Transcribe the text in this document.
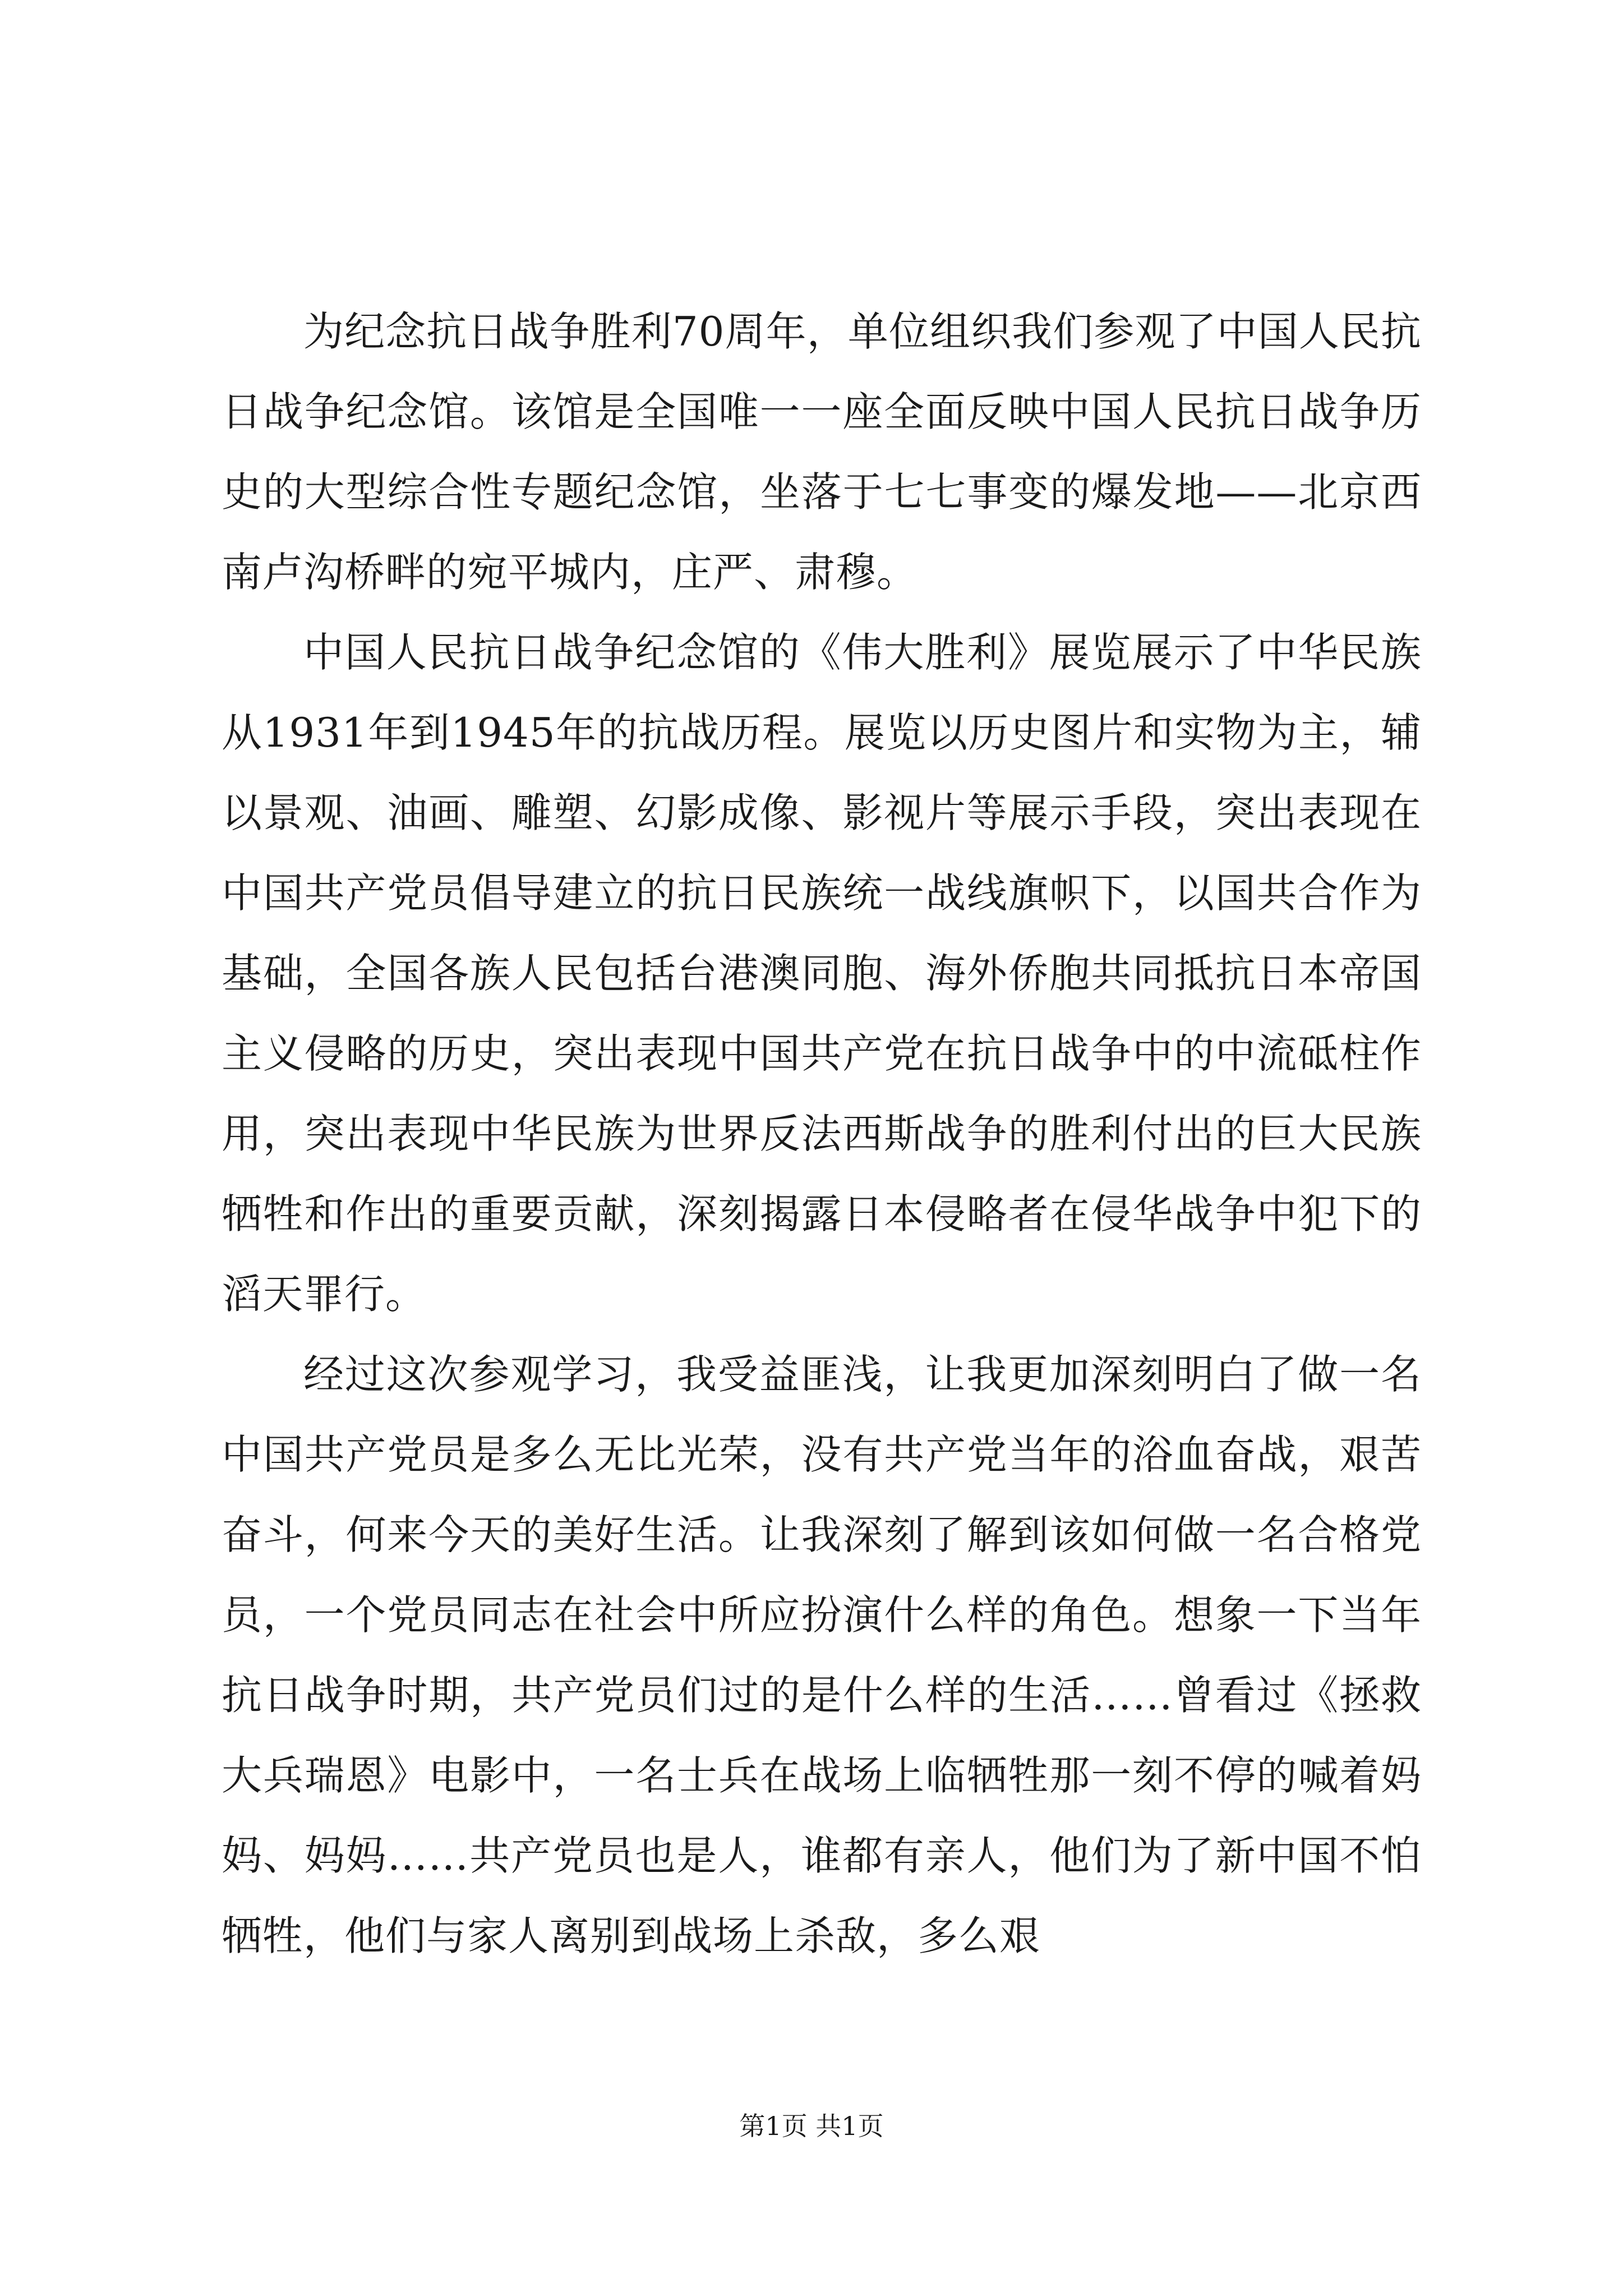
为纪念抗日战争胜利70周年，单位组织我们参观了中国人民抗日战争纪念馆。该馆是全国唯一一座全面反映中国人民抗日战争历史的大型综合性专题纪念馆，坐落于七七事变的爆发地——北京西南卢沟桥畔的宛平城内，庄严、肃穆。

中国人民抗日战争纪念馆的《伟大胜利》展览展示了中华民族从1931年到1945年的抗战历程。展览以历史图片和实物为主，辅以景观、油画、雕塑、幻影成像、影视片等展示手段，突出表现在中国共产党员倡导建立的抗日民族统一战线旗帜下，以国共合作为基础，全国各族人民包括台港澳同胞、海外侨胞共同抵抗日本帝国主义侵略的历史，突出表现中国共产党在抗日战争中的中流砥柱作用，突出表现中华民族为世界反法西斯战争的胜利付出的巨大民族牺牲和作出的重要贡献，深刻揭露日本侵略者在侵华战争中犯下的滔天罪行。

经过这次参观学习，我受益匪浅，让我更加深刻明白了做一名中国共产党员是多么无比光荣，没有共产党当年的浴血奋战，艰苦奋斗，何来今天的美好生活。让我深刻了解到该如何做一名合格党员，一个党员同志在社会中所应扮演什么样的角色。想象一下当年抗日战争时期，共产党员们过的是什么样的生活……曾看过《拯救大兵瑞恩》电影中，一名士兵在战场上临牺牲那一刻不停的喊着妈妈、妈妈……共产党员也是人，谁都有亲人，他们为了新中国不怕牺牲，他们与家人离别到战场上杀敌，多么艰

第1页 共1页
